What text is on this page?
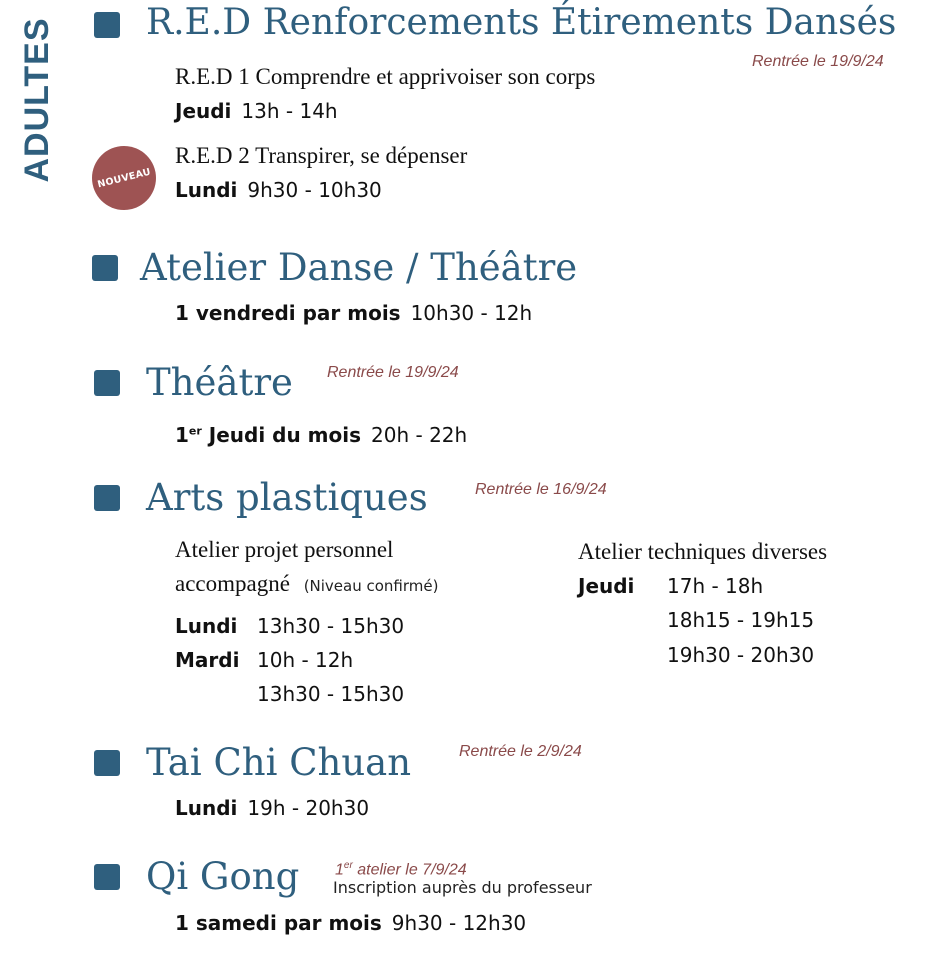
ADULTES	R.E.D Renforcements Étirements Dansés
Rentrée le 19/9/24
R.E.D 1 Comprendre et apprivoiser son corps
Jeudi 13h - 14h
NOUVEAU
R.E.D 2 Transpirer, se dépenser
Lundi 9h30 - 10h30
Atelier Danse / Théâtre
1 vendredi par mois 10h30 - 12h
Théâtre Rentrée le 19/9/24
1er Jeudi du mois 20h - 22h
Arts plastiques	Rentrée le 16/9/24
Atelier projet personnel
accompagné (Niveau confirmé)
Lundi 13h30 - 15h30
Mardi 10h - 12h
13h30 - 15h30
Atelier techniques diverses
Jeudi 17h - 18h
18h15 - 19h15
19h30 - 20h30
Tai Chi Chuan	Rentrée le 2/9/24
Lundi 19h - 20h30
Qi Gong 1er atelier le 7/9/24
Inscription auprès du professeur
1 samedi par mois 9h30 - 12h30
